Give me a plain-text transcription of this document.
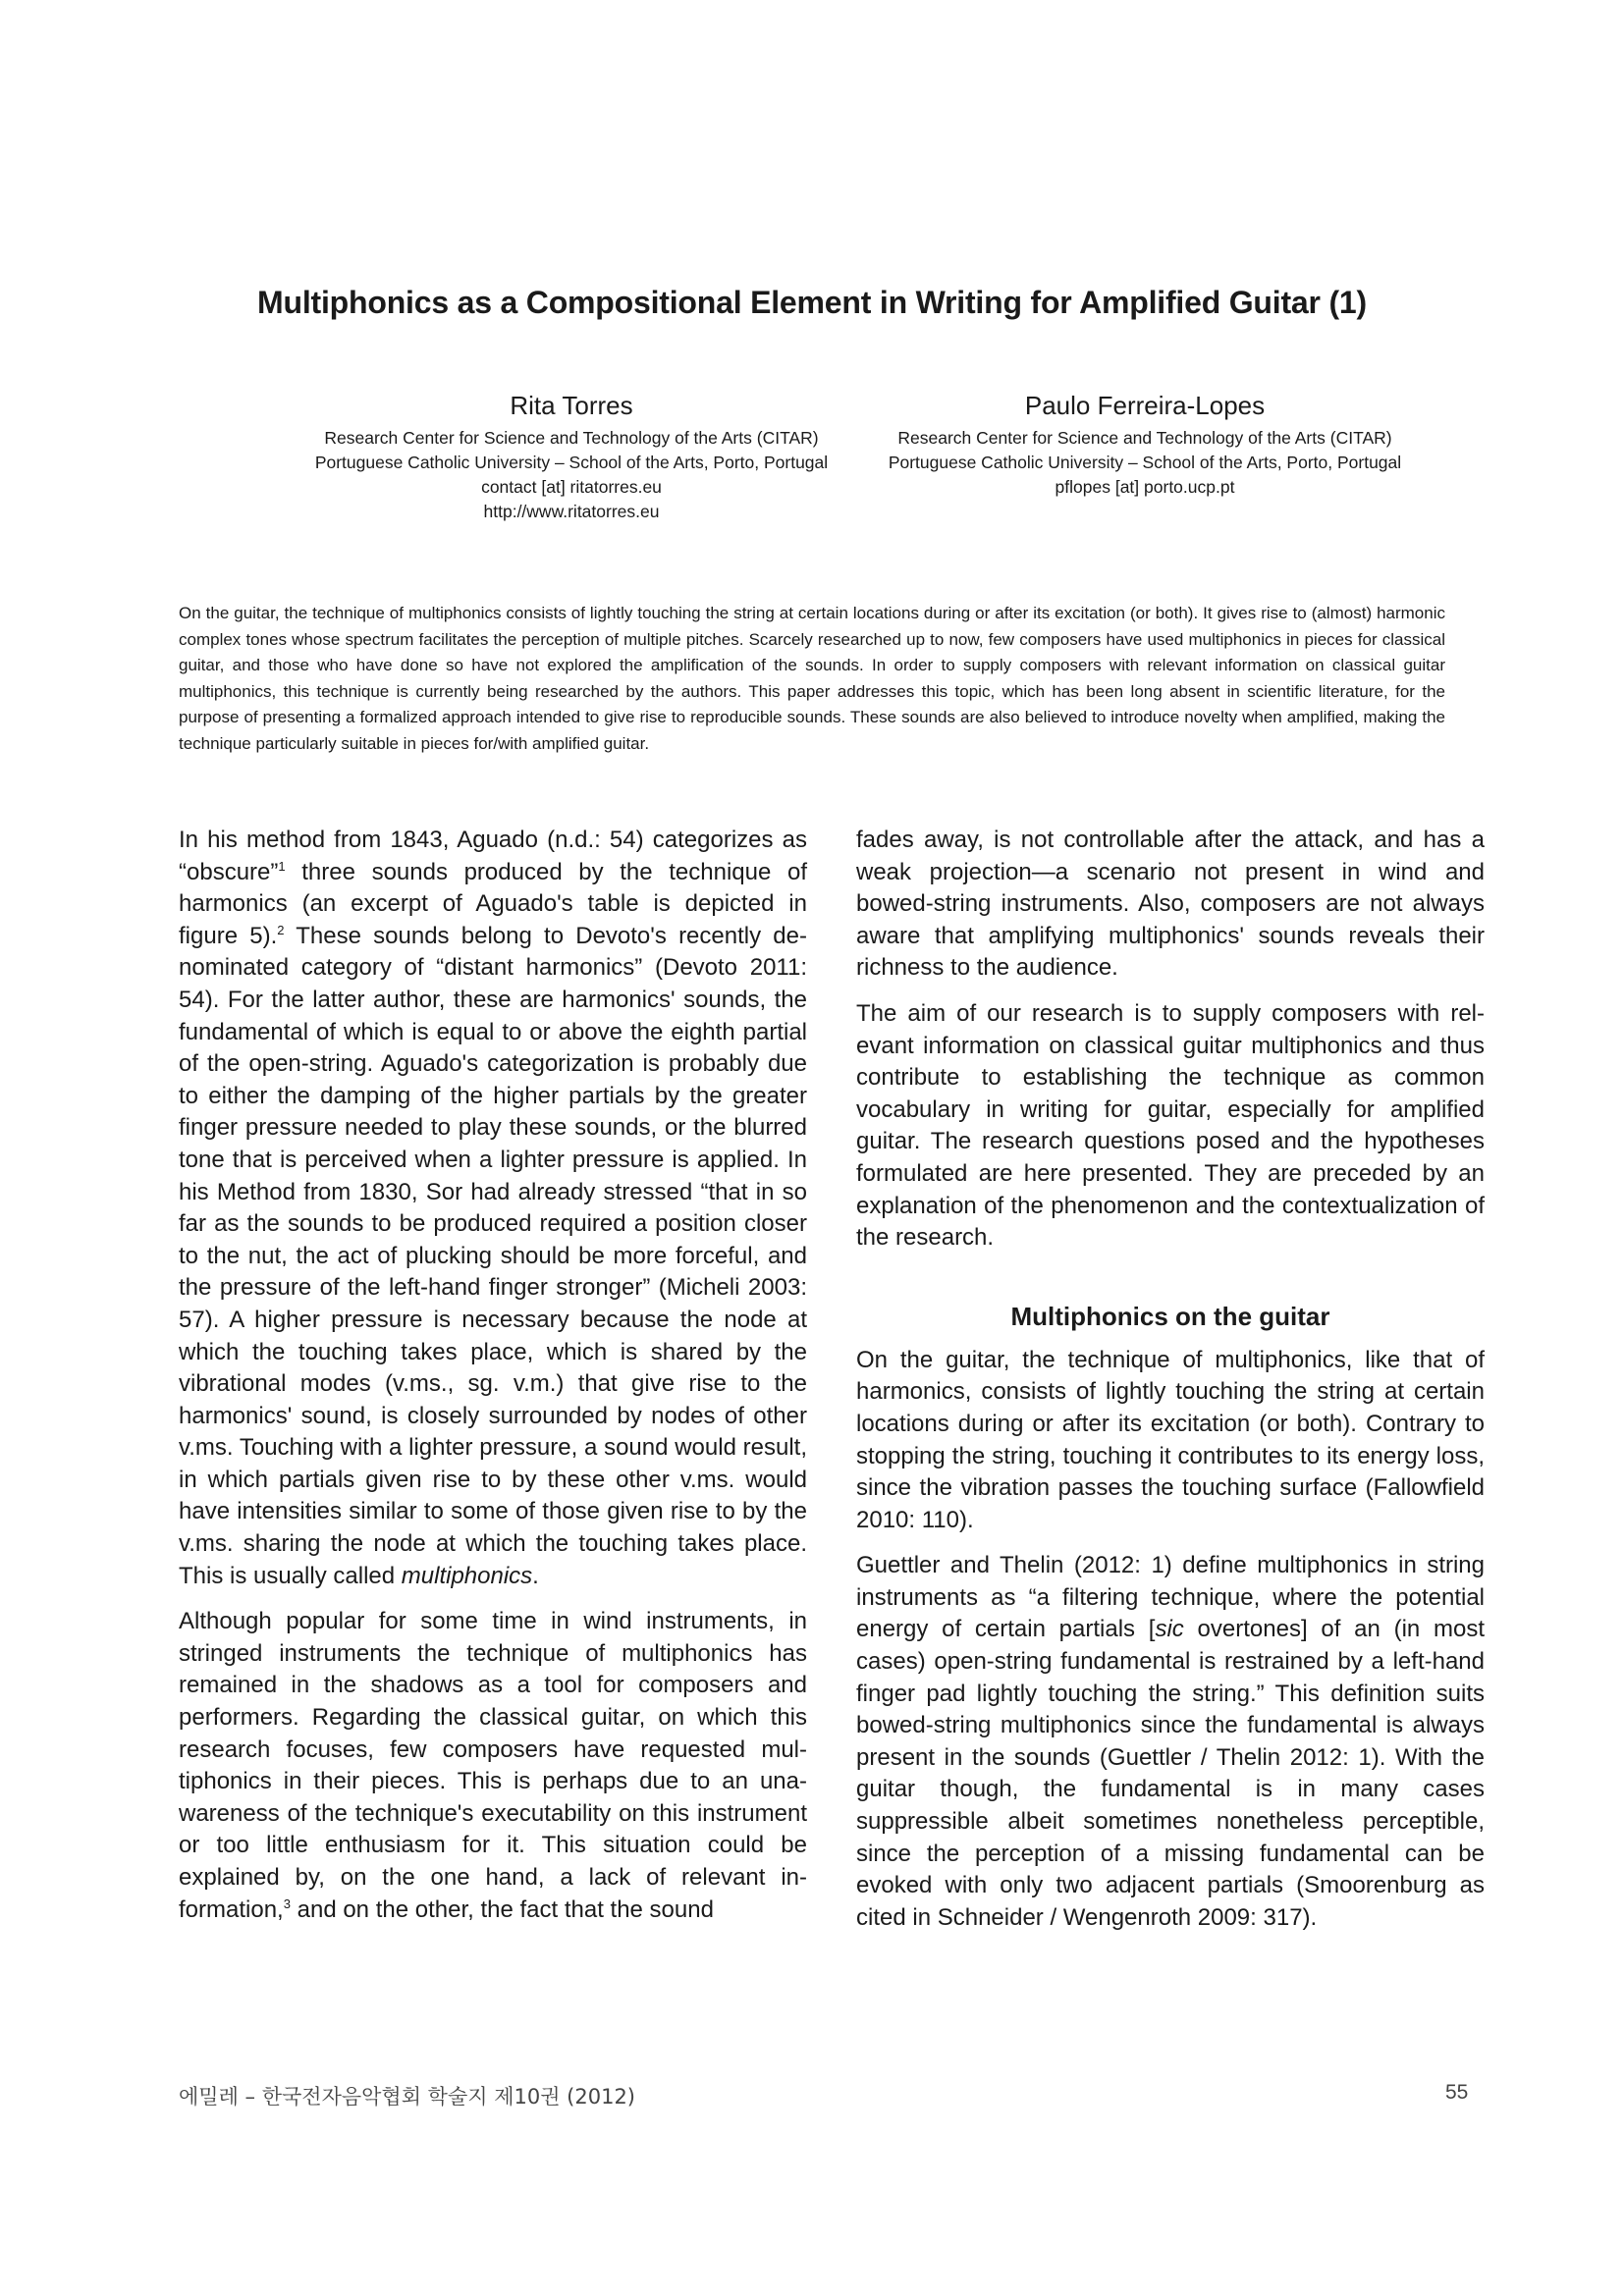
Multiphonics as a Compositional Element in Writing for Amplified Guitar (1)
Rita Torres
Research Center for Science and Technology of the Arts (CITAR)
Portuguese Catholic University – School of the Arts, Porto, Portugal
contact [at] ritatorres.eu
http://www.ritatorres.eu
Paulo Ferreira-Lopes
Research Center for Science and Technology of the Arts (CITAR)
Portuguese Catholic University – School of the Arts, Porto, Portugal
pflopes [at] porto.ucp.pt
On the guitar, the technique of multiphonics consists of lightly touching the string at certain locations during or after its excitation (or both). It gives rise to (almost) harmonic complex tones whose spectrum facilitates the perception of multiple pitches. Scarcely researched up to now, few composers have used multiphonics in pieces for classical guitar, and those who have done so have not explored the amplification of the sounds. In order to supply composers with relevant information on classical guitar multiphonics, this technique is currently being researched by the authors. This paper addresses this topic, which has been long absent in scientific literature, for the purpose of presenting a formalized approach intended to give rise to reproducible sounds. These sounds are also believed to introduce novelty when amplified, making the technique particularly suitable in pieces for/with amplified guitar.

In his method from 1843, Aguado (n.d.: 54) categorizes as “obscure”$^1$ three sounds produced by the technique of harmonics (an excerpt of Aguado's table is depicted in figure 5).$^2$ These sounds belong to Devoto's recently denominated category of “distant harmonics” (Devoto 2011: 54). For the latter author, these are harmonics' sounds, the fundamental of which is equal to or above the eighth partial of the open-string. Aguado's categorization is probably due to either the damping of the higher partials by the greater finger pressure needed to play these sounds, or the blurred tone that is perceived when a lighter pressure is applied. In his Method from 1830, Sor had already stressed “that in so far as the sounds to be produced required a position closer to the nut, the act of plucking should be more forceful, and the pressure of the left-hand finger stronger” (Micheli 2003: 57). A higher pressure is necessary because the node at which the touching takes place, which is shared by the vibrational modes (v.ms., sg. v.m.) that give rise to the harmonics' sound, is closely surrounded by nodes of other v.ms. Touching with a lighter pressure, a sound would result, in which partials given rise to by these other v.ms. would have intensities similar to some of those given rise to by the v.ms. sharing the node at which the touching takes place. This is usually called multiphonics.

Although popular for some time in wind instruments, in stringed instruments the technique of multiphonics has remained in the shadows as a tool for composers and performers. Regarding the classical guitar, on which this research focuses, few composers have requested multiphonics in their pieces. This is perhaps due to an unawareness of the technique's executability on this instrument or too little enthusiasm for it. This situation could be explained by, on the one hand, a lack of relevant information,$^3$ and on the other, the fact that the sound

fades away, is not controllable after the attack, and has a weak projection—a scenario not present in wind and bowed-string instruments. Also, composers are not always aware that amplifying multiphonics' sounds reveals their richness to the audience.

The aim of our research is to supply composers with relevant information on classical guitar multiphonics and thus contribute to establishing the technique as common vocabulary in writing for guitar, especially for amplified guitar. The research questions posed and the hypotheses formulated are here presented. They are preceded by an explanation of the phenomenon and the contextualization of the research.

Multiphonics on the guitar

On the guitar, the technique of multiphonics, like that of harmonics, consists of lightly touching the string at certain locations during or after its excitation (or both). Contrary to stopping the string, touching it contributes to its energy loss, since the vibration passes the touching surface (Fallowfield 2010: 110).

Guettler and Thelin (2012: 1) define multiphonics in string instruments as “a filtering technique, where the potential energy of certain partials [sic overtones] of an (in most cases) open-string fundamental is restrained by a left-hand finger pad lightly touching the string.” This definition suits bowed-string multiphonics since the fundamental is always present in the sounds (Guettler / Thelin 2012: 1). With the guitar though, the fundamental is in many cases suppressible albeit sometimes nonetheless perceptible, since the perception of a missing fundamental can be evoked with only two adjacent partials (Smoorenburg as cited in Schneider / Wengenroth 2009: 317).

에밀레 – 한국전자음악협회 학술지 제10권 (2012)	55
